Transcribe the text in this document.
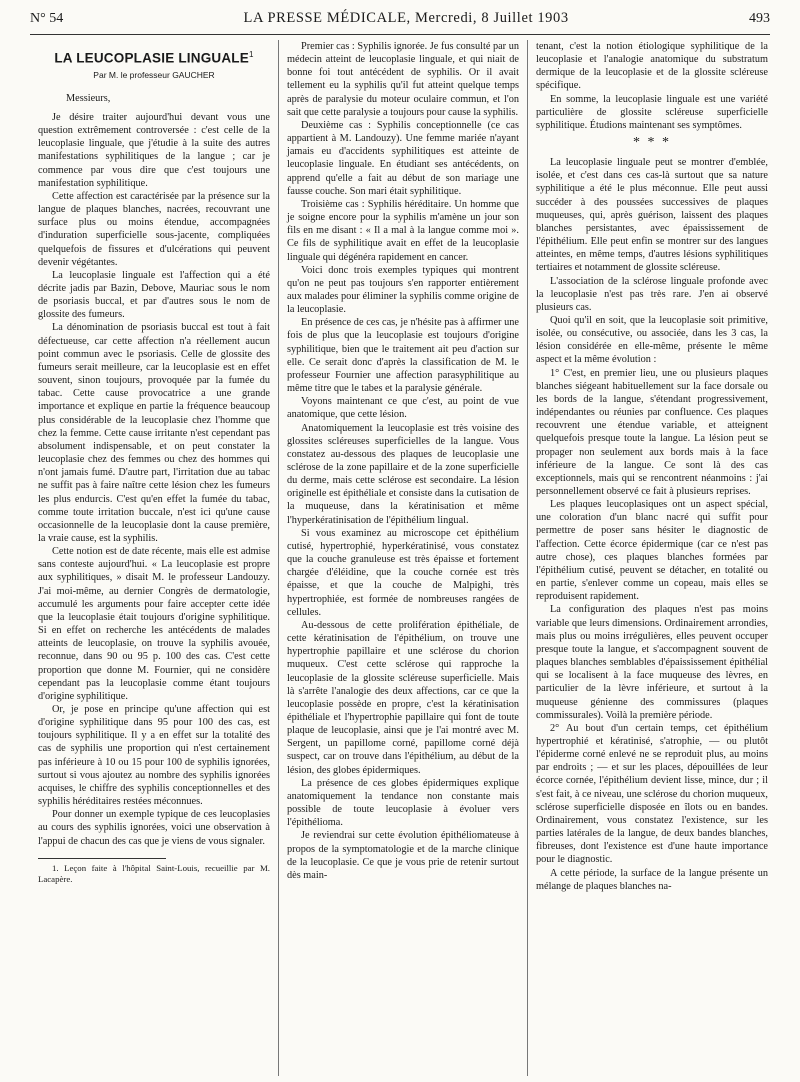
N° 54	LA PRESSE MÉDICALE, Mercredi, 8 Juillet 1903	493
LA LEUCOPLASIE LINGUALE$^1$
Par M. le professeur GAUCHER

Messieurs,

Je désire traiter aujourd'hui devant vous une question extrêmement controversée : c'est celle de la leucoplasie linguale, que j'étudie à la suite des autres manifestations syphilitiques de la langue ; car je commence par vous dire que c'est toujours une manifestation syphilitique.

Cette affection est caractérisée par la présence sur la langue de plaques blanches, nacrées, recouvrant une surface plus ou moins étendue, accompagnées d'induration superficielle sous-jacente, compliquées quelquefois de fissures et d'ulcérations qui peuvent devenir végétantes.

La leucoplasie linguale est l'affection qui a été décrite jadis par Bazin, Debove, Mauriac sous le nom de psoriasis buccal, et par d'autres sous le nom de glossite des fumeurs.

La dénomination de psoriasis buccal est tout à fait défectueuse, car cette affection n'a réellement aucun point commun avec le psoriasis. Celle de glossite des fumeurs serait meilleure, car la leucoplasie est en effet souvent, sinon toujours, provoquée par la fumée du tabac. Cette cause provocatrice a une grande importance et explique en partie la fréquence beaucoup plus considérable de la leucoplasie chez l'homme que chez la femme. Cette cause irritante n'est cependant pas absolument indispensable, et on peut constater la leucoplasie chez des femmes ou chez des hommes qui n'ont jamais fumé. D'autre part, l'irritation due au tabac ne suffit pas à faire naître cette lésion chez les fumeurs les plus endurcis. C'est qu'en effet la fumée du tabac, comme toute irritation buccale, n'est ici qu'une cause occasionnelle de la leucoplasie dont la cause première, la vraie cause, est la syphilis.

Cette notion est de date récente, mais elle est admise sans conteste aujourd'hui. « La leucoplasie est propre aux syphilitiques, » disait M. le professeur Landouzy. J'ai moi-même, au dernier Congrès de dermatologie, accumulé les arguments pour faire accepter cette idée que la leucoplasie était toujours d'origine syphilitique. Si en effet on recherche les antécédents de malades atteints de leucoplasie, on trouve la syphilis avouée, reconnue, dans 90 ou 95 p. 100 des cas. C'est cette proportion que donne M. Fournier, qui ne considère cependant pas la leucoplasie comme étant toujours d'origine syphilitique.

Or, je pose en principe qu'une affection qui est d'origine syphilitique dans 95 pour 100 des cas, est toujours syphilitique. Il y a en effet sur la totalité des cas de syphilis une proportion qui n'est certainement pas inférieure à 10 ou 15 pour 100 de syphilis ignorées, surtout si vous ajoutez au nombre des syphilis ignorées acquises, le chiffre des syphilis conceptionnelles et des syphilis héréditaires restées méconnues.

Pour donner un exemple typique de ces leucoplasies au cours des syphilis ignorées, voici une observation à l'appui de chacun des cas que je viens de vous signaler.

1. Leçon faite à l'hôpital Saint-Louis, recueillie par M. Lacapère.

Premier cas : Syphilis ignorée. Je fus consulté par un médecin atteint de leucoplasie linguale, et qui niait de bonne foi tout antécédent de syphilis. Or il avait tellement eu la syphilis qu'il fut atteint quelque temps après de paralysie du moteur oculaire commun, et l'on sait que cette paralysie a toujours pour cause la syphilis.

Deuxième cas : Syphilis conceptionnelle (ce cas appartient à M. Landouzy). Une femme mariée n'ayant jamais eu d'accidents syphilitiques est atteinte de leucoplasie linguale. En étudiant ses antécédents, on apprend qu'elle a fait au début de son mariage une fausse couche. Son mari était syphilitique.

Troisième cas : Syphilis héréditaire. Un homme que je soigne encore pour la syphilis m'amène un jour son fils en me disant : « Il a mal à la langue comme moi ». Ce fils de syphilitique avait en effet de la leucoplasie linguale qui dégénéra rapidement en cancer.

Voici donc trois exemples typiques qui montrent qu'on ne peut pas toujours s'en rapporter entièrement aux malades pour éliminer la syphilis comme origine de la leucoplasie.

En présence de ces cas, je n'hésite pas à affirmer une fois de plus que la leucoplasie est toujours d'origine syphilitique, bien que le traitement ait peu d'action sur elle. Ce serait donc d'après la classification de M. le professeur Fournier une affection parasyphilitique au même titre que le tabes et la paralysie générale.

Voyons maintenant ce que c'est, au point de vue anatomique, que cette lésion.

Anatomiquement la leucoplasie est très voisine des glossites scléreuses superficielles de la langue. Vous constatez au-dessous des plaques de leucoplasie une sclérose de la zone papillaire et de la zone superficielle du derme, mais cette sclérose est secondaire. La lésion originelle est épithéliale et consiste dans la cutisation de la muqueuse, dans la kératinisation et même l'hyperkératinisation de l'épithélium lingual.

Si vous examinez au microscope cet épithélium cutisé, hypertrophié, hyperkératinisé, vous constatez que la couche granuleuse est très épaisse et fortement chargée d'éléidine, que la couche cornée est très épaisse, et que la couche de Malpighi, très hypertrophiée, est formée de nombreuses rangées de cellules.

Au-dessous de cette prolifération épithéliale, de cette kératinisation de l'épithélium, on trouve une hypertrophie papillaire et une sclérose du chorion muqueux. C'est cette sclérose qui rapproche la leucoplasie de la glossite scléreuse superficielle. Mais là s'arrête l'analogie des deux affections, car ce que la leucoplasie possède en propre, c'est la kératinisation épithéliale et l'hypertrophie papillaire qui font de toute plaque de leucoplasie, ainsi que je l'ai montré avec M. Sergent, un papillome corné, papillome corné déjà suspect, car on trouve dans l'épithélium, au début de la lésion, des globes épidermiques.

La présence de ces globes épidermiques explique anatomiquement la tendance non constante mais possible de toute leucoplasie à évoluer vers l'épithélioma.

Je reviendrai sur cette évolution épithéliomateuse à propos de la symptomatologie et de la marche clinique de la leucoplasie. Ce que je vous prie de retenir surtout dès main-

tenant, c'est la notion étiologique syphilitique de la leucoplasie et l'analogie anatomique du substratum dermique de la leucoplasie et de la glossite scléreuse spécifique.

En somme, la leucoplasie linguale est une variété particulière de glossite scléreuse superficielle syphilitique. Étudions maintenant ses symptômes.

* * *

La leucoplasie linguale peut se montrer d'emblée, isolée, et c'est dans ces cas-là surtout que sa nature syphilitique a été le plus méconnue. Elle peut aussi succéder à des poussées successives de plaques muqueuses, qui, après guérison, laissent des plaques blanches persistantes, avec épaississement de l'épithélium. Elle peut enfin se montrer sur des langues atteintes, en même temps, d'autres lésions syphilitiques tertiaires et notamment de glossite scléreuse.

L'association de la sclérose linguale profonde avec la leucoplasie n'est pas très rare. J'en ai observé plusieurs cas.

Quoi qu'il en soit, que la leucoplasie soit primitive, isolée, ou consécutive, ou associée, dans les 3 cas, la lésion considérée en elle-même, présente le même aspect et la même évolution :

1° C'est, en premier lieu, une ou plusieurs plaques blanches siégeant habituellement sur la face dorsale ou les bords de la langue, s'étendant progressivement, indépendantes ou réunies par confluence. Ces plaques recouvrent une étendue variable, et atteignent quelquefois presque toute la langue. La lésion peut se propager non seulement aux bords mais à la face inférieure de la langue. Ce sont là des cas exceptionnels, mais qui se rencontrent néanmoins : j'ai personnellement observé ce fait à plusieurs reprises.

Les plaques leucoplasiques ont un aspect spécial, une coloration d'un blanc nacré qui suffit pour permettre de poser sans hésiter le diagnostic de l'affection. Cette écorce épidermique (car ce n'est pas autre chose), ces plaques blanches formées par l'épithélium cutisé, peuvent se détacher, en totalité ou en partie, s'enlever comme un copeau, mais elles se reproduisent rapidement.

La configuration des plaques n'est pas moins variable que leurs dimensions. Ordinairement arrondies, mais plus ou moins irrégulières, elles peuvent occuper presque toute la langue, et s'accompagnent souvent de plaques blanches semblables d'épaississement épithélial qui se localisent à la face muqueuse des lèvres, en particulier de la lèvre inférieure, et surtout à la muqueuse génienne des commissures (plaques commissurales). Voilà la première période.

2° Au bout d'un certain temps, cet épithélium hypertrophié et kératinisé, s'atrophie, — ou plutôt l'épiderme corné enlevé ne se reproduit plus, au moins par endroits ; — et sur les places, dépouillées de leur écorce cornée, l'épithélium devient lisse, mince, dur ; il s'est fait, à ce niveau, une sclérose du chorion muqueux, sclérose superficielle disposée en îlots ou en bandes. Ordinairement, vous constatez l'existence, sur les parties latérales de la langue, de deux bandes blanches, fibreuses, dont l'existence est d'une haute importance pour le diagnostic.

A cette période, la surface de la langue présente un mélange de plaques blanches na-
